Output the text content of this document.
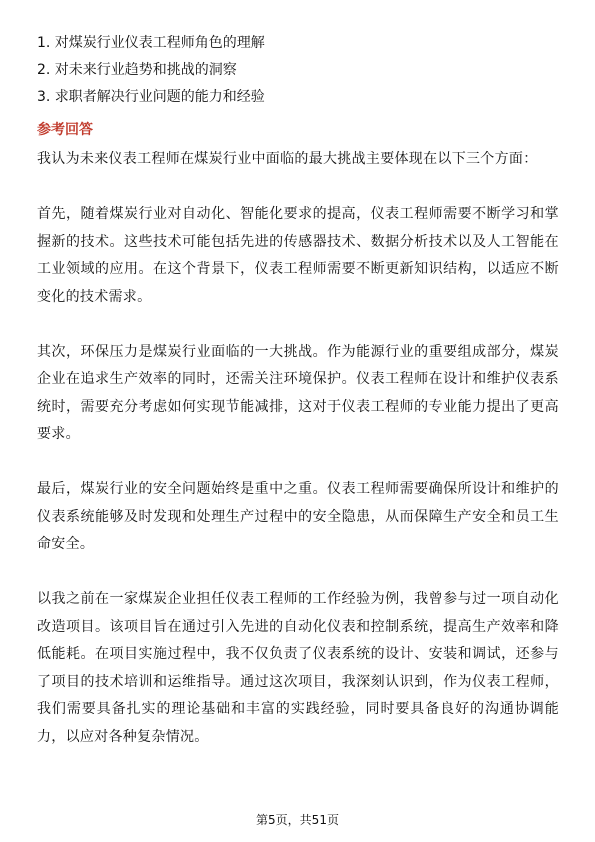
1. 对煤炭行业仪表工程师角色的理解
2. 对未来行业趋势和挑战的洞察
3. 求职者解决行业问题的能力和经验
参考回答

我认为未来仪表工程师在煤炭行业中面临的最大挑战主要体现在以下三个方面：

首先，随着煤炭行业对自动化、智能化要求的提高，仪表工程师需要不断学习和掌握新的技术。这些技术可能包括先进的传感器技术、数据分析技术以及人工智能在工业领域的应用。在这个背景下，仪表工程师需要不断更新知识结构，以适应不断变化的技术需求。

其次，环保压力是煤炭行业面临的一大挑战。作为能源行业的重要组成部分，煤炭企业在追求生产效率的同时，还需关注环境保护。仪表工程师在设计和维护仪表系统时，需要充分考虑如何实现节能减排，这对于仪表工程师的专业能力提出了更高要求。

最后，煤炭行业的安全问题始终是重中之重。仪表工程师需要确保所设计和维护的仪表系统能够及时发现和处理生产过程中的安全隐患，从而保障生产安全和员工生命安全。

以我之前在一家煤炭企业担任仪表工程师的工作经验为例，我曾参与过一项自动化改造项目。该项目旨在通过引入先进的自动化仪表和控制系统，提高生产效率和降低能耗。在项目实施过程中，我不仅负责了仪表系统的设计、安装和调试，还参与了项目的技术培训和运维指导。通过这次项目，我深刻认识到，作为仪表工程师，我们需要具备扎实的理论基础和丰富的实践经验，同时要具备良好的沟通协调能力，以应对各种复杂情况。

第5页，共51页
